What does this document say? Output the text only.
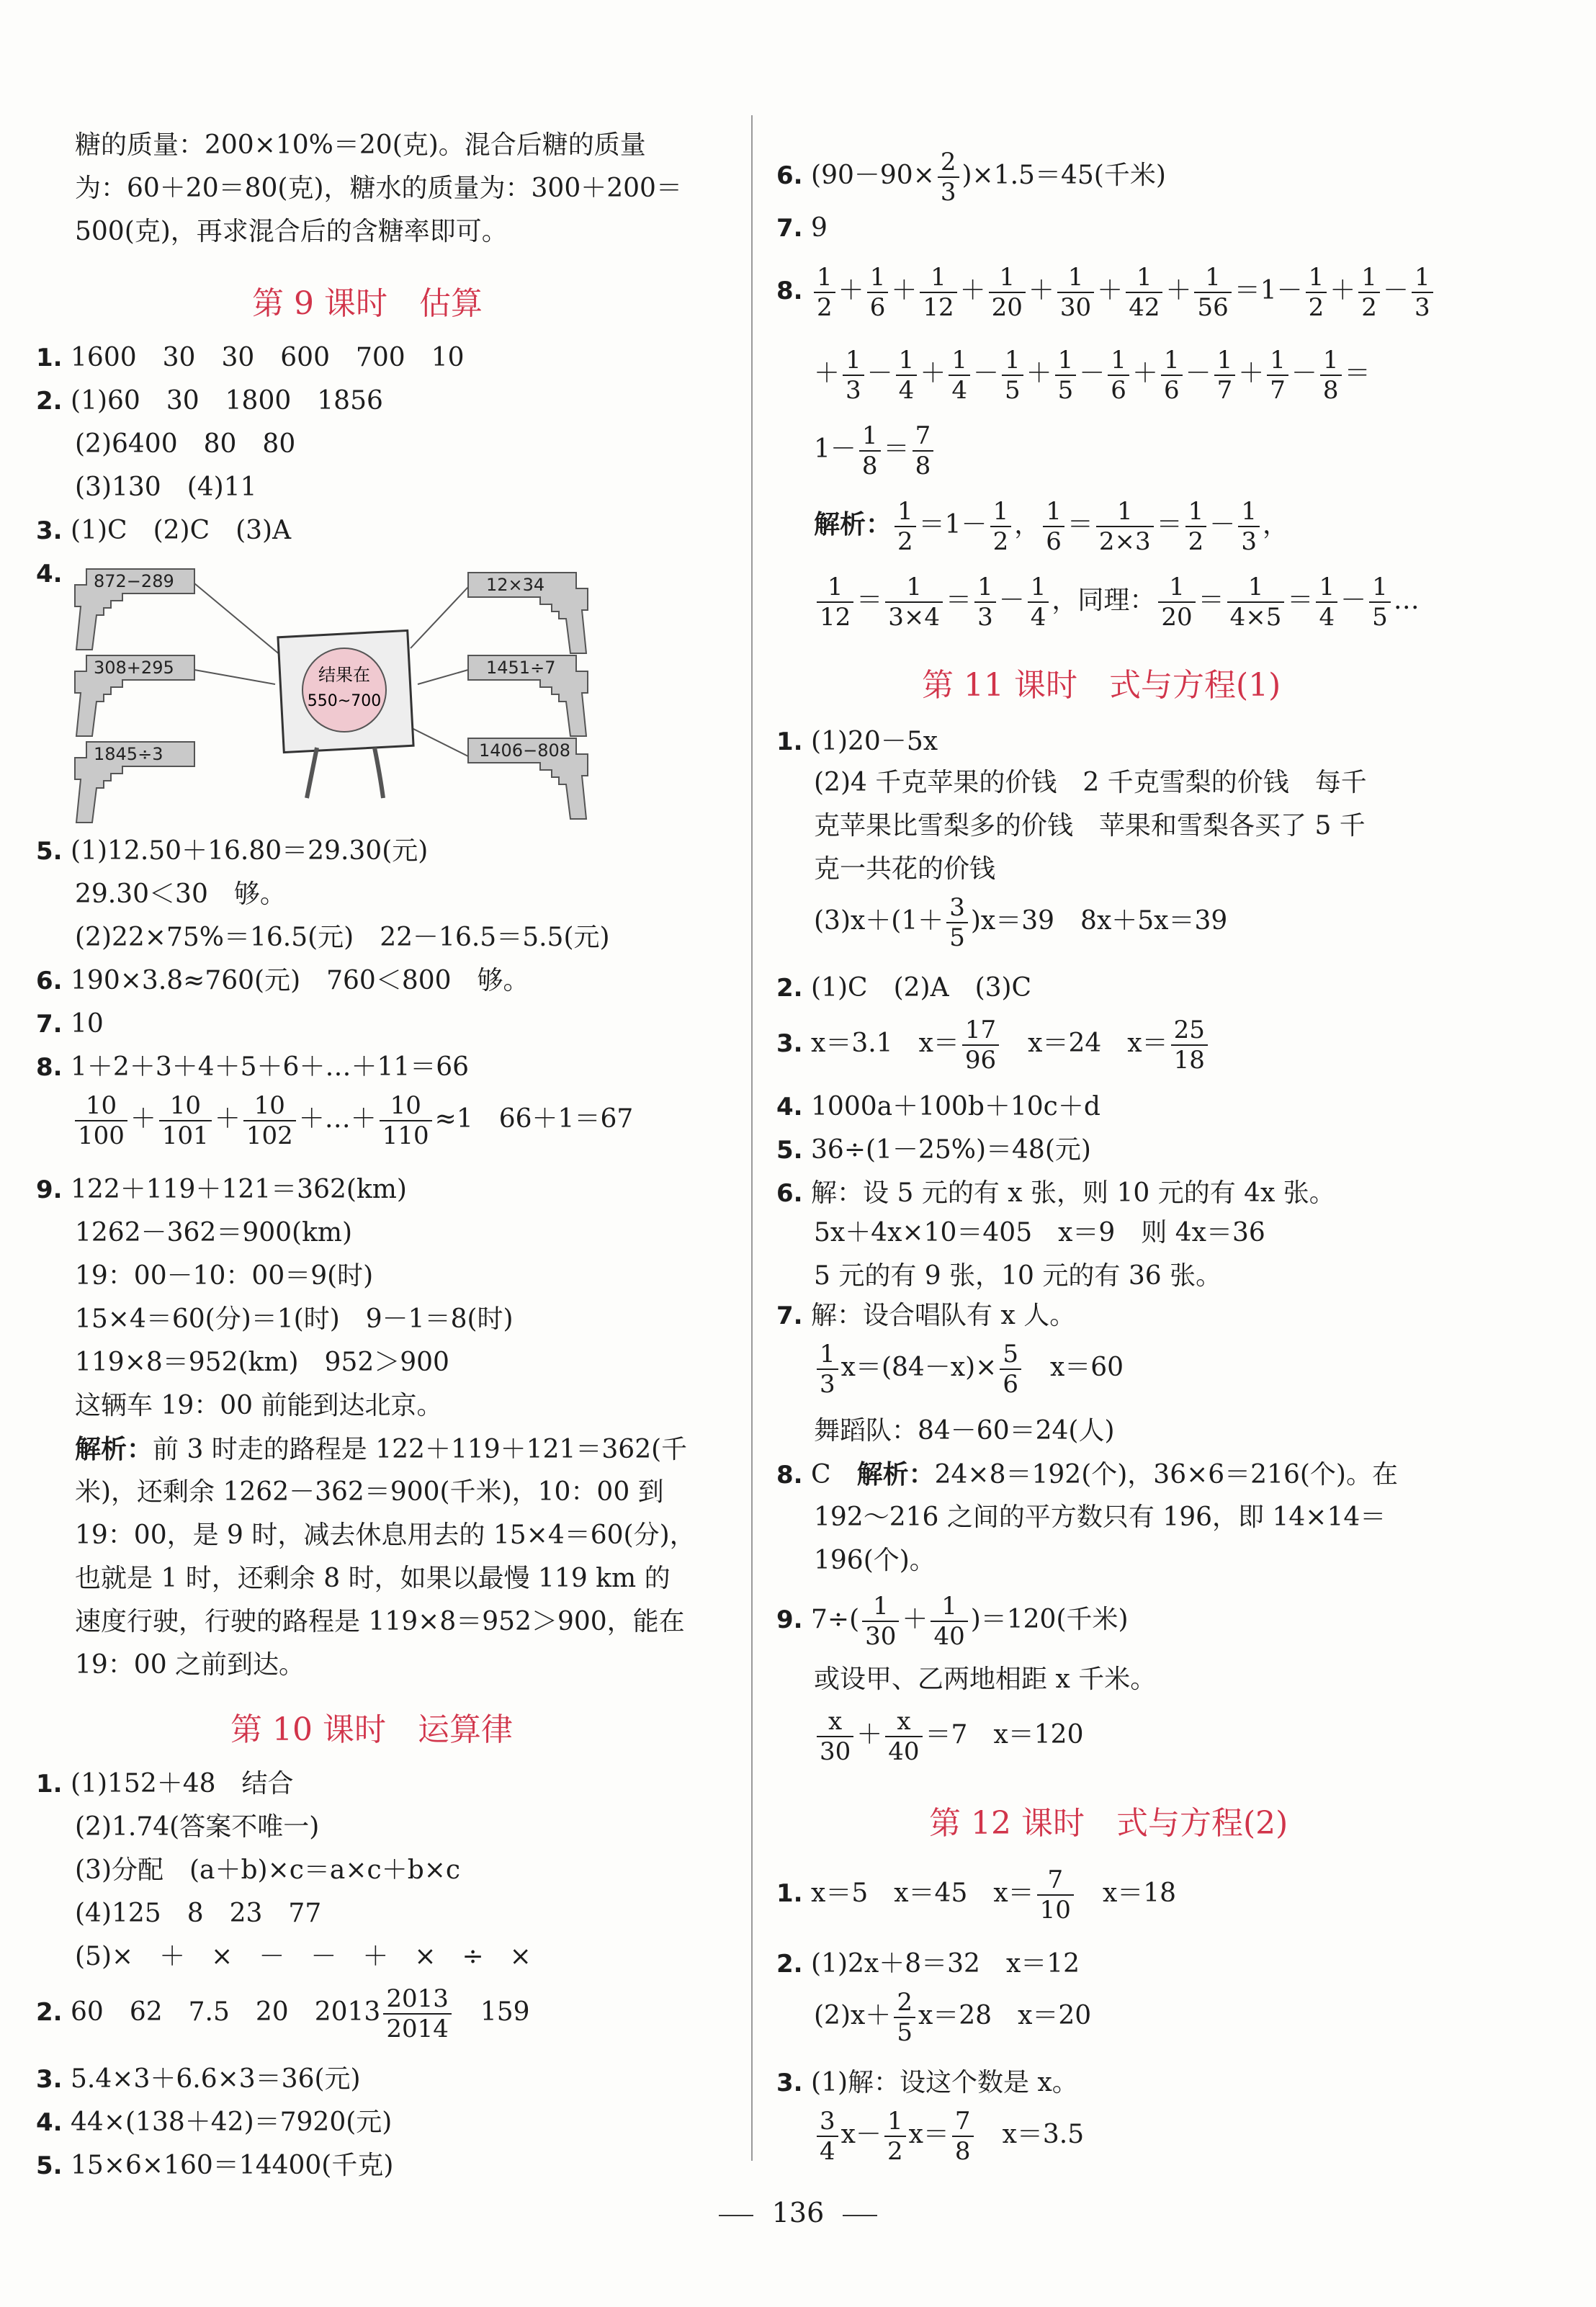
糖的质量：200×10%＝20(克)。混合后糖的质量
为：60＋20＝80(克)，糖水的质量为：300＋200＝
500(克)，再求混合后的含糖率即可。
第 9 课时　估算
1. 1600　30　30　600　700　10
2. (1)60　30　1800　1856
(2)6400　80　80
(3)130　(4)11
3. (1)C　(2)C　(3)A
4. 872−289
308+295
1845÷3
12×34
1451÷7
1406−808
结果在
550~700
5. (1)12.50＋16.80＝29.30(元)
29.30＜30　够。
(2)22×75%＝16.5(元)　22－16.5＝5.5(元)
6. 190×3.8≈760(元)　760＜800　够。
7. 10
8. 1＋2＋3＋4＋5＋6＋…＋11＝66
$\frac{10}{100} + \frac{10}{101} + \frac{10}{102}$ ＋…＋ $\frac{10}{110} \approx 1$　66＋1＝67
9. 122＋119＋121＝362(km)
1262－362＝900(km)
19：00－10：00＝9(时)
15×4＝60(分)＝1(时)　9－1＝8(时)
119×8＝952(km)　952＞900
这辆车 19：00 前能到达北京。
解析：前 3 时走的路程是 122＋119＋121＝362(千
米)，还剩余 1262－362＝900(千米)，10：00 到
19：00，是 9 时，减去休息用去的 15×4＝60(分)，
也就是 1 时，还剩余 8 时，如果以最慢 119 km 的
速度行驶，行驶的路程是 119×8＝952＞900，能在
19：00 之前到达。
第 10 课时　运算律
1. (1)152＋48　结合
(2)1.74(答案不唯一)
(3)分配　(a＋b)×c＝a×c＋b×c
(4)125　8　23　77
(5)×　＋　×　－　－　＋　×　÷　×
2. 60　62　7.5　20　$2013 \frac{2013}{2014}$
　 159
3. 5.4×3＋6.6×3＝36(元)
4. 44×(138＋42)＝7920(元)
5. 15×6×160＝14400(千克)
6. $(90-90\times \frac{2}{3} )\times 1.5=45$(千米)
7. 9
8. $\frac{1}{2} + \frac{1}{6} + \frac{1}{12} + \frac{1}{20} + \frac{1}{30} + \frac{1}{42} + \frac{1}{56} =1- \frac{1}{2} + \frac{1}{2} - \frac{1}{3}$
＋ $\frac{1}{3} - \frac{1}{4} + \frac{1}{4} - \frac{1}{5} + \frac{1}{5} - \frac{1}{6} + \frac{1}{6} - \frac{1}{7} + \frac{1}{7} - \frac{1}{8}$ ＝
$1- \frac{1}{8} = \frac{7}{8}$
解析： $\frac{1}{2} =1- \frac{1}{2}$ ， $\frac{1}{6} = \frac{1}{2\times 3} = \frac{1}{2} - \frac{1}{3}$ ，
$\frac{1}{12} = \frac{1}{3\times 4} = \frac{1}{3} - \frac{1}{4}$ ，同理： $\frac{1}{20} = \frac{1}{4\times 5} = \frac{1}{4} - \frac{1}{5}$ …
第 11 课时　式与方程(1)
1. (1)20－5x
(2)4 千克苹果的价钱　2 千克雪梨的价钱　每千
克苹果比雪梨多的价钱　苹果和雪梨各买了 5 千
克一共花的价钱
$(3)x+(1+ \frac{3}{5} )x=39$　8x＋5x＝39
2. (1)C　(2)A　(3)C
3. x＝3.1　$x= \frac{17}{96}$
　 x＝24　$x= \frac{25}{18}$
4. 1000a＋100b＋10c＋d
5. 36÷(1－25%)＝48(元)
6. 解：设 5 元的有 x 张，则 10 元的有 4x 张。
5x＋4x×10＝405　x＝9　则 4x＝36
5 元的有 9 张，10 元的有 36 张。
7. 解：设合唱队有 x 人。
$\frac{1}{3} x=(84-x)\times \frac{5}{6}$
　 x＝60
舞蹈队：84－60＝24(人)
8. C　 解析：24×8＝192(个)，36×6＝216(个)。在
192～216 之间的平方数只有 196，即 14×14＝
196(个)。
9. $7\div( \frac{1}{30} + \frac{1}{40} )=120$(千米)
或设甲、乙两地相距 x 千米。
$\frac{x}{30} + \frac{x}{40} =7$　x＝120
第 12 课时　式与方程(2)
1. x＝5　x＝45　$x= \frac{7}{10}$
　 x＝18
2. (1)2x＋8＝32　x＝12
$(2)x+ \frac{2}{5} x=28$　x＝20
3. (1)解：设这个数是 x。
$\frac{3}{4} x- \frac{1}{2} x= \frac{7}{8}$
　 x＝3.5
136
